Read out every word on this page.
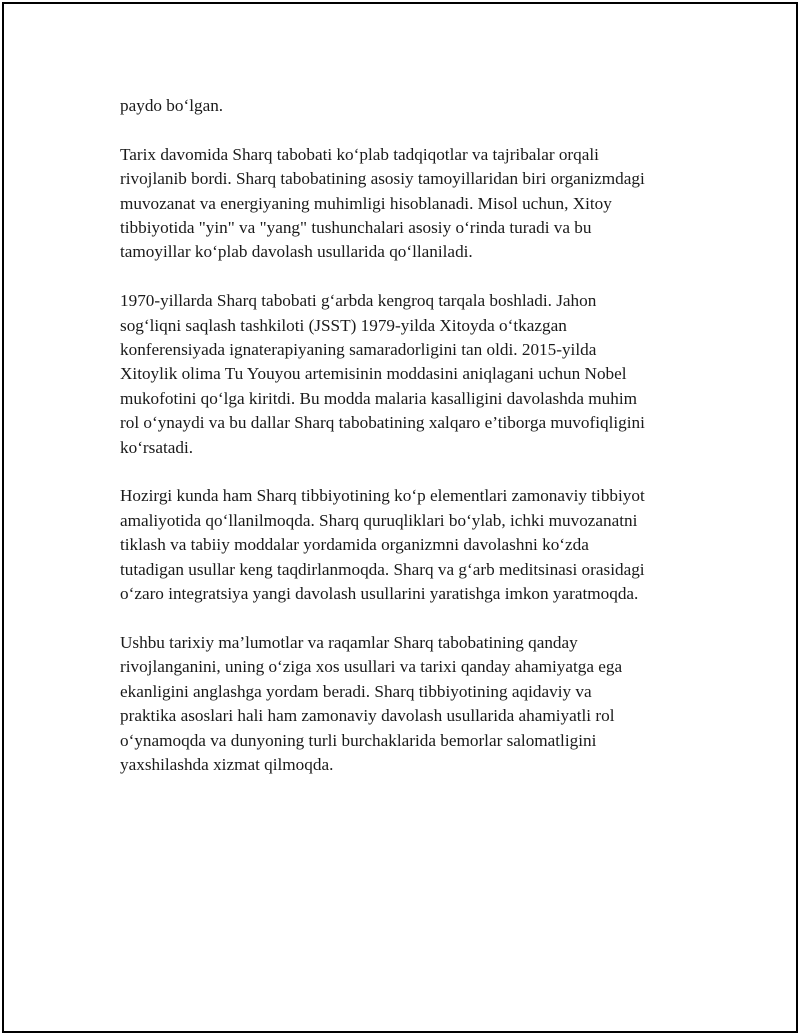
paydo bo‘lgan.

Tarix davomida Sharq tabobati ko‘plab tadqiqotlar va tajribalar orqali
rivojlanib bordi. Sharq tabobatining asosiy tamoyillaridan biri organizmdagi
muvozanat va energiyaning muhimligi hisoblanadi. Misol uchun, Xitoy
tibbiyotida "yin" va "yang" tushunchalari asosiy o‘rinda turadi va bu
tamoyillar ko‘plab davolash usullarida qo‘llaniladi.

1970-yillarda Sharq tabobati g‘arbda kengroq tarqala boshladi. Jahon
sog‘liqni saqlash tashkiloti (JSST) 1979-yilda Xitoyda o‘tkazgan
konferensiyada ignaterapiyaning samaradorligini tan oldi. 2015-yilda
Xitoylik olima Tu Youyou artemisinin moddasini aniqlagani uchun Nobel
mukofotini qo‘lga kiritdi. Bu modda malaria kasalligini davolashda muhim
rol o‘ynaydi va bu dallar Sharq tabobatining xalqaro e’tiborga muvofiqligini
ko‘rsatadi.

Hozirgi kunda ham Sharq tibbiyotining ko‘p elementlari zamonaviy tibbiyot
amaliyotida qo‘llanilmoqda. Sharq quruqliklari bo‘ylab, ichki muvozanatni
tiklash va tabiiy moddalar yordamida organizmni davolashni ko‘zda
tutadigan usullar keng taqdirlanmoqda. Sharq va g‘arb meditsinasi orasidagi
o‘zaro integratsiya yangi davolash usullarini yaratishga imkon yaratmoqda.

Ushbu tarixiy ma’lumotlar va raqamlar Sharq tabobatining qanday
rivojlanganini, uning o‘ziga xos usullari va tarixi qanday ahamiyatga ega
ekanligini anglashga yordam beradi. Sharq tibbiyotining aqidaviy va
praktika asoslari hali ham zamonaviy davolash usullarida ahamiyatli rol
o‘ynamoqda va dunyoning turli burchaklarida bemorlar salomatligini
yaxshilashda xizmat qilmoqda.
